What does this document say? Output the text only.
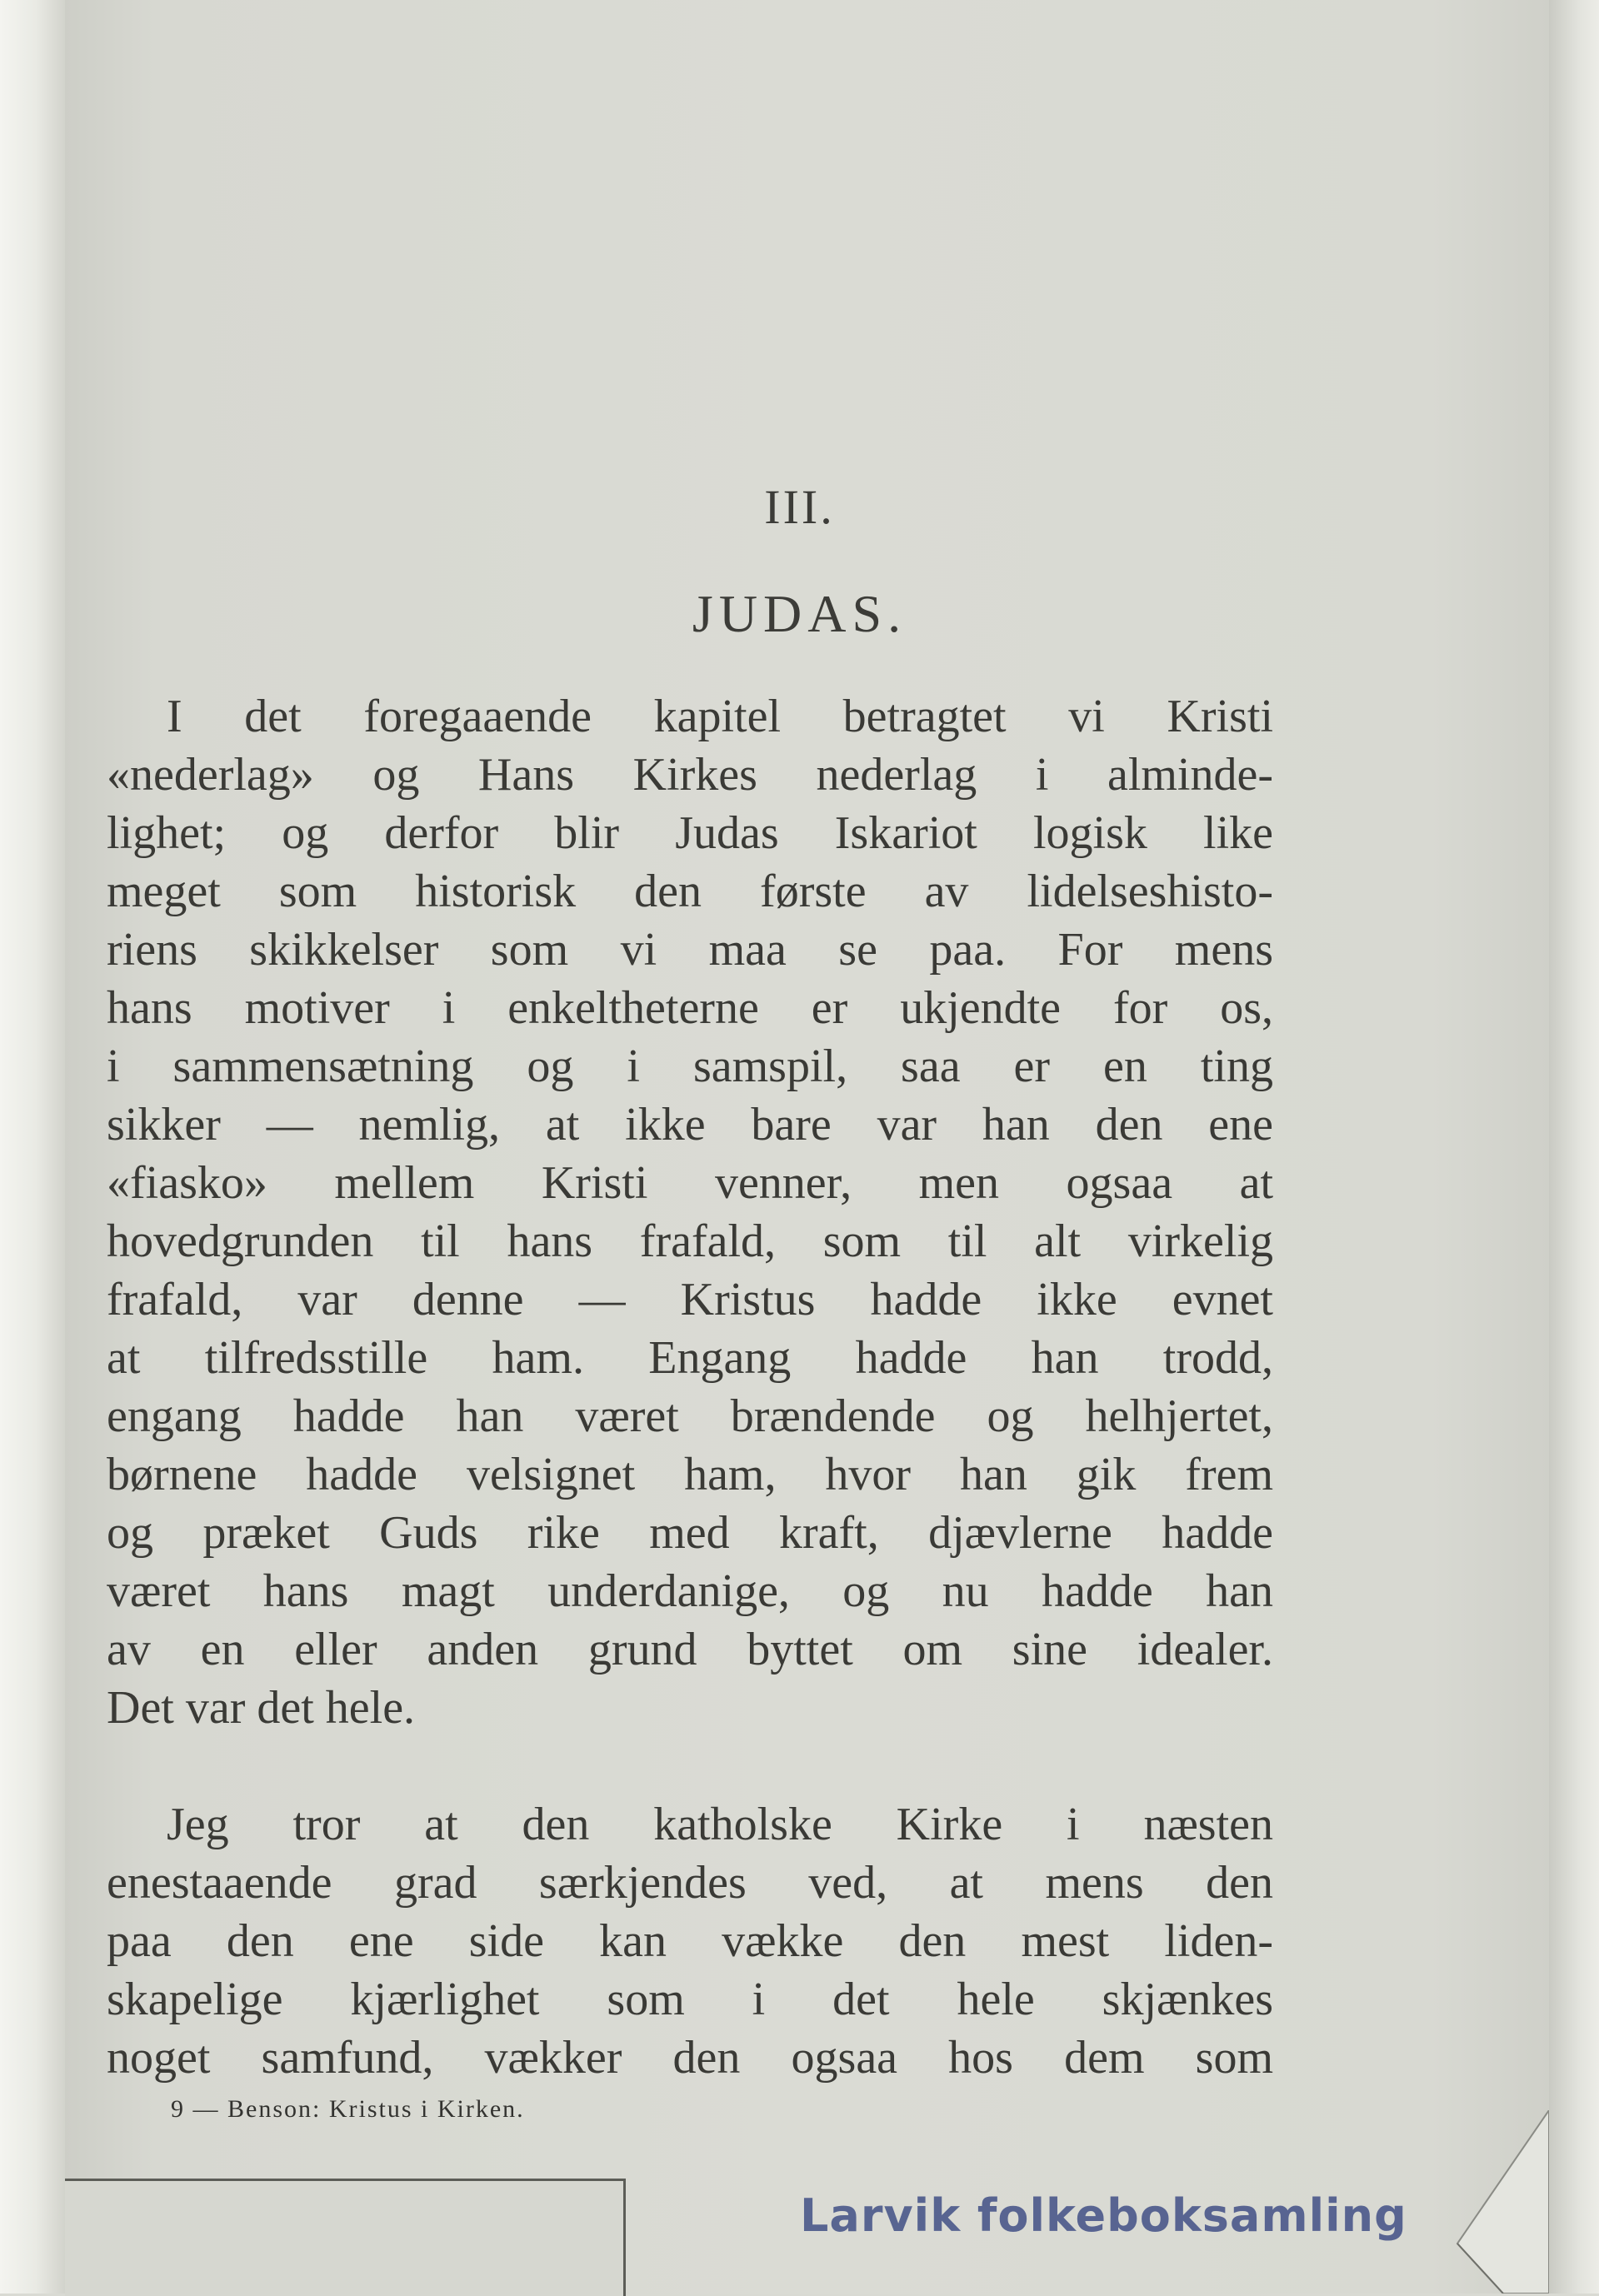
III.
JUDAS.
I det foregaaende kapitel betragtet vi Kristi
«nederlag» og Hans Kirkes nederlag i alminde-
lighet; og derfor blir Judas Iskariot logisk like
meget som historisk den første av lidelseshisto-
riens skikkelser som vi maa se paa. For mens
hans motiver i enkeltheterne er ukjendte for os,
i sammensætning og i samspil, saa er en ting
sikker — nemlig, at ikke bare var han den ene
«fiasko» mellem Kristi venner, men ogsaa at
hovedgrunden til hans frafald, som til alt virkelig
frafald, var denne — Kristus hadde ikke evnet
at tilfredsstille ham. Engang hadde han trodd,
engang hadde han været brændende og helhjertet,
børnene hadde velsignet ham, hvor han gik frem
og præket Guds rike med kraft, djævlerne hadde
været hans magt underdanige, og nu hadde han
av en eller anden grund byttet om sine idealer.
Det var det hele.
Jeg tror at den katholske Kirke i næsten
enestaaende grad særkjendes ved, at mens den
paa den ene side kan vække den mest liden-
skapelige kjærlighet som i det hele skjænkes
noget samfund, vækker den ogsaa hos dem som
9 — Benson: Kristus i Kirken.
Larvik folkeboksamling
